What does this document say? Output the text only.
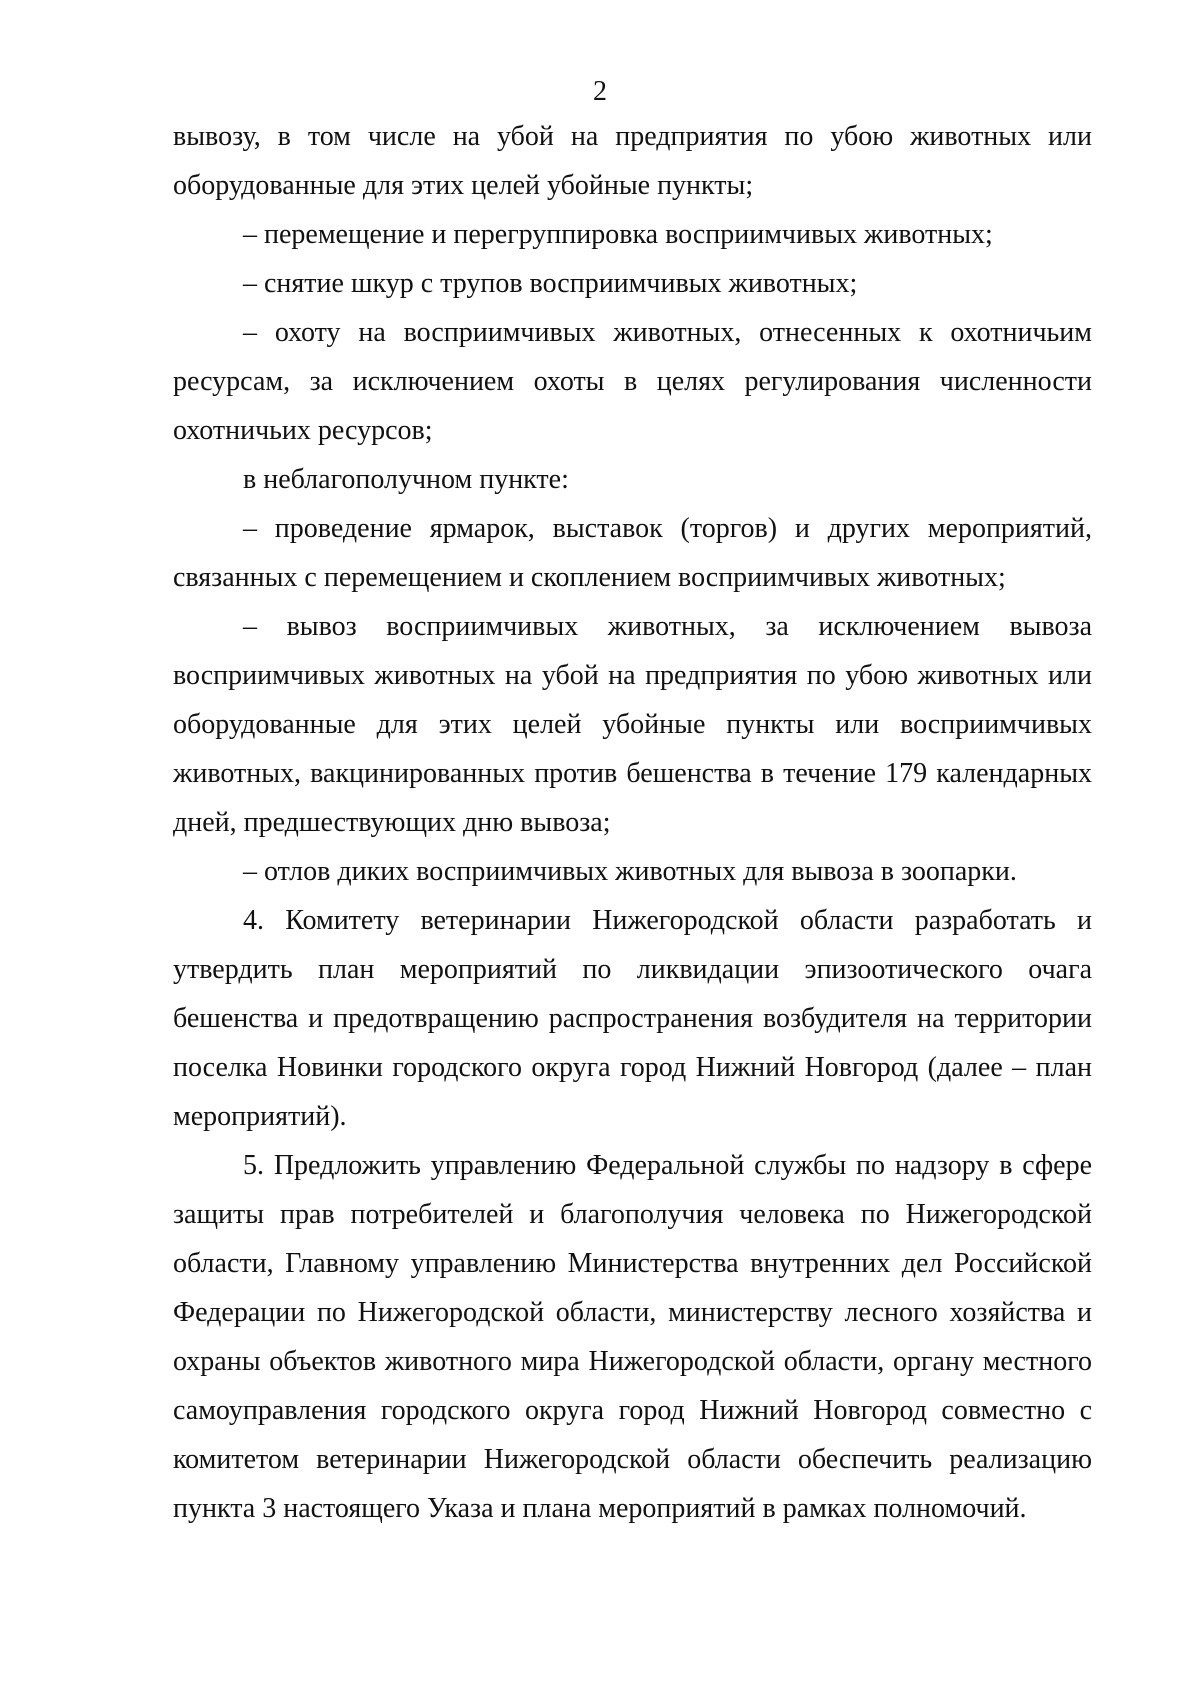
2

вывозу, в том числе на убой на предприятия по убою животных или оборудованные для этих целей убойные пункты;

– перемещение и перегруппировка восприимчивых животных;

– снятие шкур с трупов восприимчивых животных;

– охоту на восприимчивых животных, отнесенных к охотничьим ресурсам, за исключением охоты в целях регулирования численности охотничьих ресурсов;

в неблагополучном пункте:

– проведение ярмарок, выставок (торгов) и других мероприятий, связанных с перемещением и скоплением восприимчивых животных;

– вывоз восприимчивых животных, за исключением вывоза восприимчивых животных на убой на предприятия по убою животных или оборудованные для этих целей убойные пункты или восприимчивых животных, вакцинированных против бешенства в течение 179 календарных дней, предшествующих дню вывоза;

– отлов диких восприимчивых животных для вывоза в зоопарки.

4. Комитету ветеринарии Нижегородской области разработать и утвердить план мероприятий по ликвидации эпизоотического очага бешенства и предотвращению распространения возбудителя на территории поселка Новинки городского округа город Нижний Новгород (далее – план мероприятий).

5. Предложить управлению Федеральной службы по надзору в сфере защиты прав потребителей и благополучия человека по Нижегородской области, Главному управлению Министерства внутренних дел Российской Федерации по Нижегородской области, министерству лесного хозяйства и охраны объектов животного мира Нижегородской области, органу местного самоуправления городского округа город Нижний Новгород совместно с комитетом ветеринарии Нижегородской области обеспечить реализацию пункта 3 настоящего Указа и плана мероприятий в рамках полномочий.
